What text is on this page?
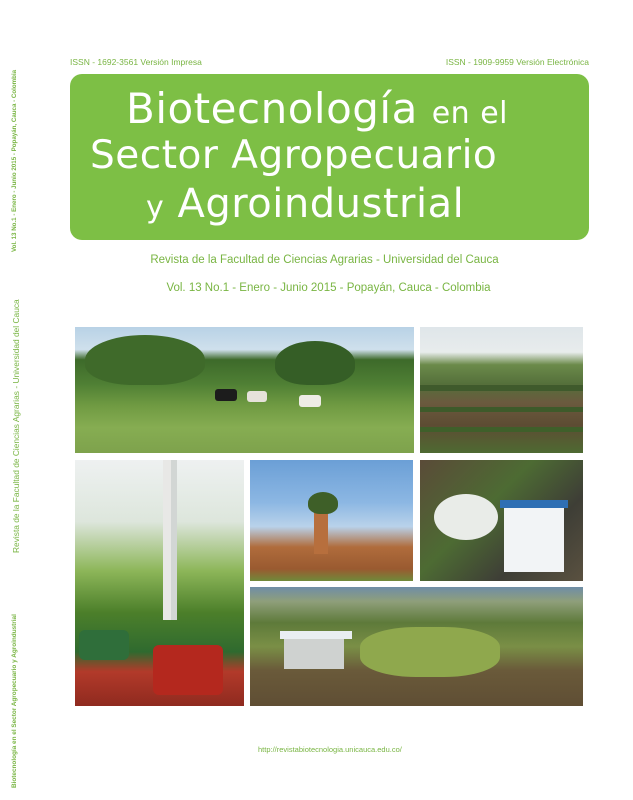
Vol. 13 No.1 - Enero - Junio 2015 - Popayán, Cauca - Colombia
Revista de la Facultad de Ciencias Agrarias - Universidad del Cauca
Biotecnología en el Sector Agropecuario y Agroindustrial
ISSN - 1692-3561 Versión Impresa	ISSN - 1909-9959 Versión Electrónica
Biotecnología en el
Sector Agropecuario
y Agroindustrial
Revista de la Facultad de Ciencias Agrarias - Universidad del Cauca
Vol. 13 No.1 - Enero - Junio 2015 - Popayán, Cauca - Colombia
http://revistabiotecnologia.unicauca.edu.co/
